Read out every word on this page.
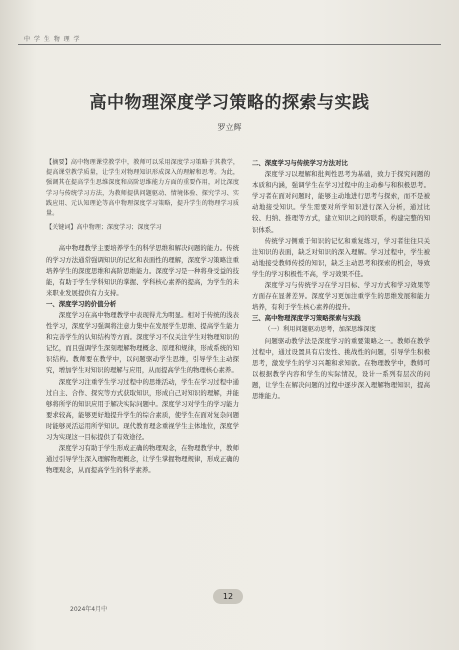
中 学 生 物 理 学
高中物理深度学习策略的探索与实践
罗立辉

【摘要】高中物理课堂教学中，教师可以采用深度学习策略于其教学，提高课堂教学质量，让学生对物理知识形成深入的理解和思考。为此，强调其在提高学生思维深度和高阶思维能力方面的重要作用，对比深度学习与传统学习方法，为教师提供问题驱动、情境体验、探究学习、实践应用、元认知理论等高中物理深度学习策略，提升学生的物理学习质量。

【关键词】高中物理；深度学习；深度学习

高中物理教学主要培养学生的科学思维和解决问题的能力。传统的学习方法通常强调知识的记忆和表面性的理解，深度学习策略注重培养学生的深度思维和高阶思维能力。深度学习是一种将身受益的技能，有助于学生学科知识的掌握、学科核心素养的提高，为学生的未来职业发展提供有力支持。

一、深度学习的价值分析

深度学习在高中物理教学中表现得尤为明显。相对于传统的浅表性学习，深度学习强调将注意力集中在发展学生思维、提高学生能力和完善学生的认知结构等方面。深度学习不仅关注学生对物理知识的记忆，而且强调学生深刻理解物理概念、原理和规律，形成系统的知识结构。教师要在教学中，以问题驱动学生思维，引导学生主动探究，增加学生对知识的理解与应用，从而提高学生的物理核心素养。

深度学习注重学生学习过程中的思维活动，学生在学习过程中通过自主、合作、探究等方式获取知识，形成自己对知识的理解，并能够将所学的知识应用于解决实际问题中。深度学习对学生的学习能力要求较高，能够更好地提升学生的综合素质，使学生在面对复杂问题时能够灵活运用所学知识。现代教育理念重视学生主体地位，深度学习为实现这一目标提供了有效途径。

深度学习有助于学生形成正确的物理观念，在物理教学中，教师通过引导学生深入理解物理概念，让学生掌握物理规律，形成正确的物理观念，从而提高学生的科学素养。

二、深度学习与传统学习方法对比

深度学习以理解和批判性思考为基础，致力于探究问题的本质和内涵，强调学生在学习过程中的主动参与和积极思考。学习者在面对问题时，能够主动地进行思考与探索，而不是被动地接受知识。学生需要对所学知识进行深入分析，通过比较、归纳、推理等方式，建立知识之间的联系，构建完整的知识体系。

传统学习侧重于知识的记忆和重复练习，学习者往往只关注知识的表面，缺乏对知识的深入理解。学习过程中，学生被动地接受教师传授的知识，缺乏主动思考和探索的机会，导致学生的学习积极性不高，学习效果不佳。

深度学习与传统学习在学习目标、学习方式和学习效果等方面存在显著差异。深度学习更加注重学生的思维发展和能力培养，有利于学生核心素养的提升。

三、高中物理深度学习策略探索与实践

（一）利用问题驱动思考，加深思维深度

问题驱动教学法是深度学习的重要策略之一。教师在教学过程中，通过设置具有启发性、挑战性的问题，引导学生积极思考，激发学生的学习兴趣和求知欲。在物理教学中，教师可以根据教学内容和学生的实际情况，设计一系列有层次的问题，让学生在解决问题的过程中逐步深入理解物理知识，提高思维能力。

12
2024年4月中
